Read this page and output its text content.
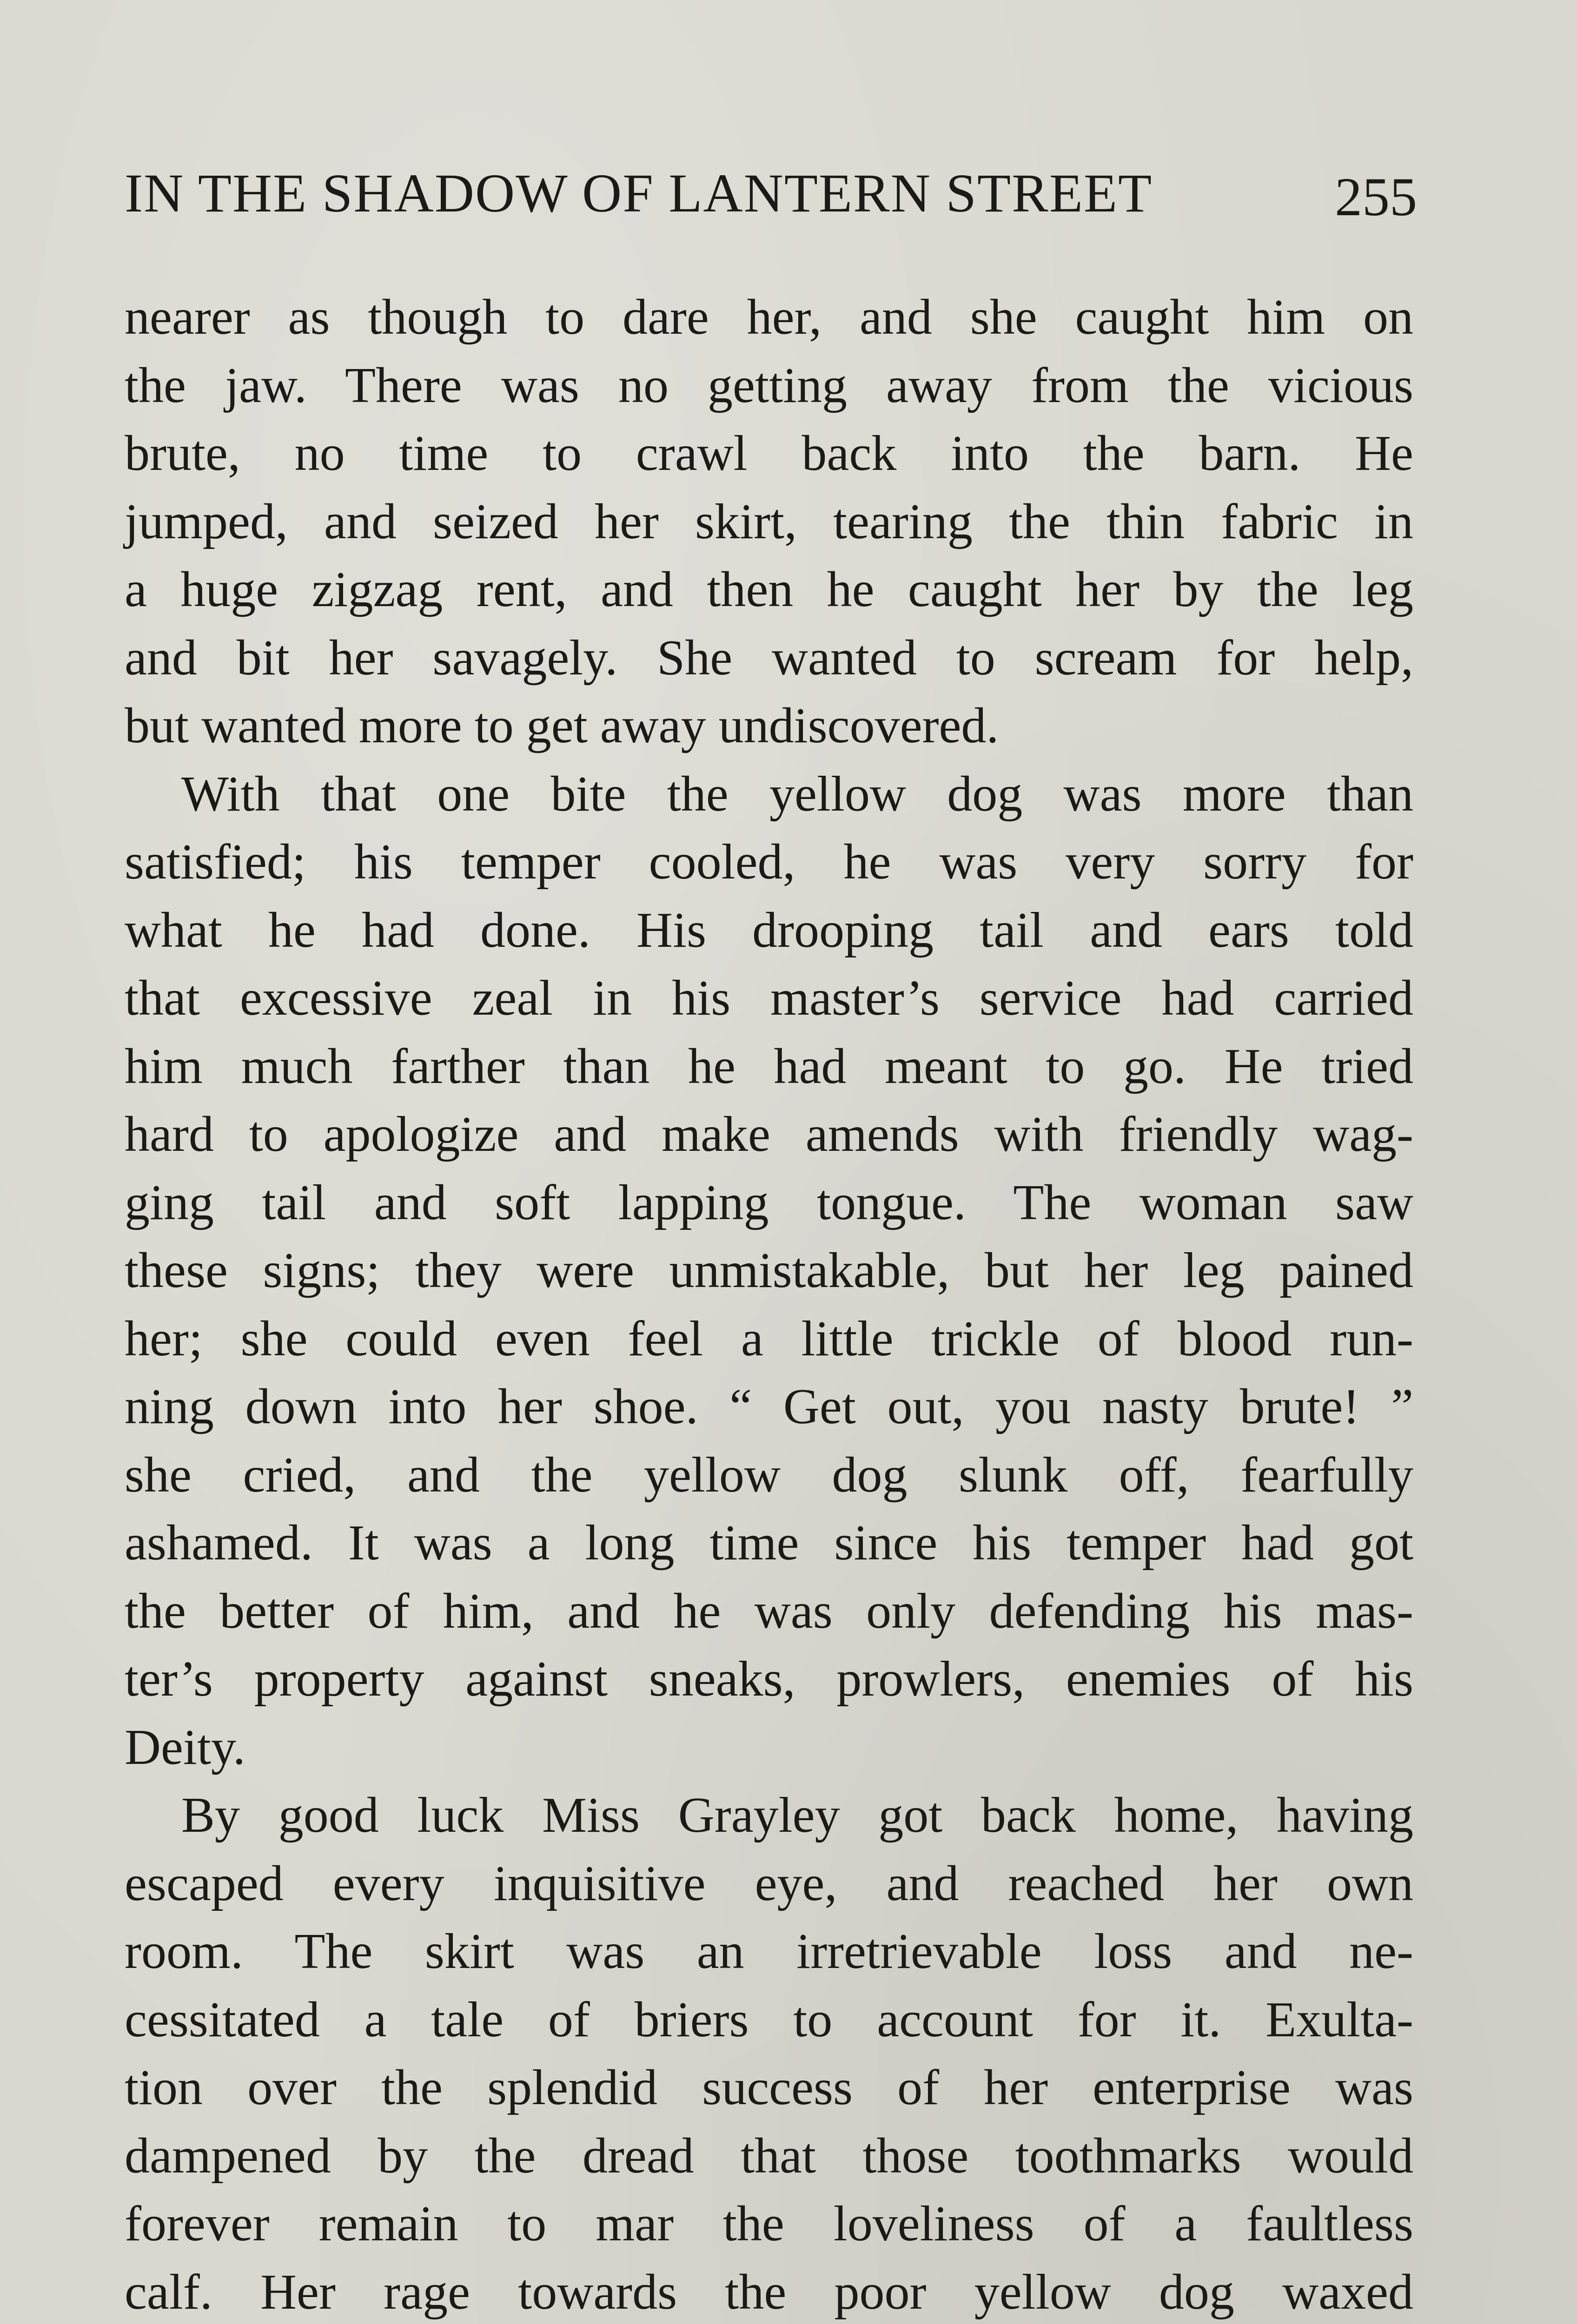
IN THE SHADOW OF LANTERN STREET	255
nearer as though to dare her, and she caught him on
the jaw. There was no getting away from the vicious
brute, no time to crawl back into the barn. He
jumped, and seized her skirt, tearing the thin fabric in
a huge zigzag rent, and then he caught her by the leg
and bit her savagely. She wanted to scream for help,
but wanted more to get away undiscovered.
With that one bite the yellow dog was more than
satisfied; his temper cooled, he was very sorry for
what he had done. His drooping tail and ears told
that excessive zeal in his master’s service had carried
him much farther than he had meant to go. He tried
hard to apologize and make amends with friendly wag-
ging tail and soft lapping tongue. The woman saw
these signs; they were unmistakable, but her leg pained
her; she could even feel a little trickle of blood run-
ning down into her shoe. “ Get out, you nasty brute! ”
she cried, and the yellow dog slunk off, fearfully
ashamed. It was a long time since his temper had got
the better of him, and he was only defending his mas-
ter’s property against sneaks, prowlers, enemies of his
Deity.
By good luck Miss Grayley got back home, having
escaped every inquisitive eye, and reached her own
room. The skirt was an irretrievable loss and ne-
cessitated a tale of briers to account for it. Exulta-
tion over the splendid success of her enterprise was
dampened by the dread that those toothmarks would
forever remain to mar the loveliness of a faultless
calf. Her rage towards the poor yellow dog waxed
